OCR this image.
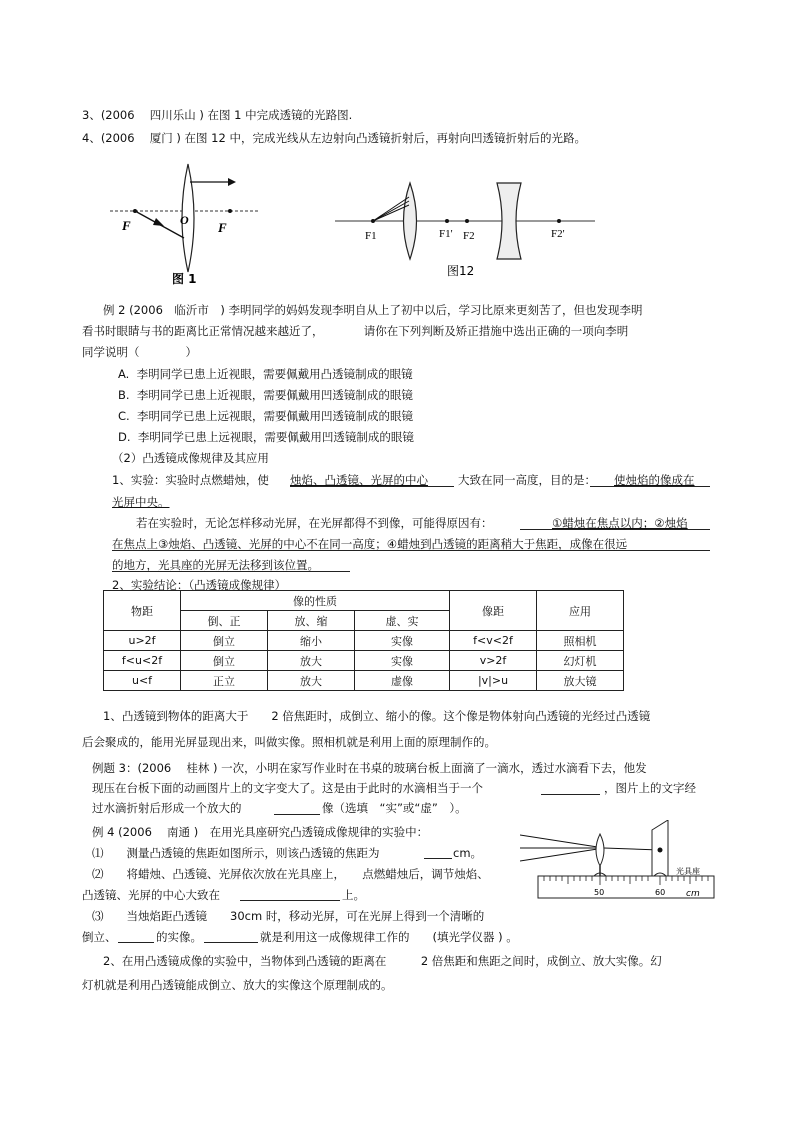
3、(2006　 四川乐山 ) 在图 1 中完成透镜的光路图.
4、(2006　 厦门 ) 在图 12 中，完成光线从左边射向凸透镜折射后，再射向凹透镜折射后的光路。
F	O F
图 1
F1	F1' F2	F2'
图12
例 2 (2006　临沂市　) 李明同学的妈妈发现李明自从上了初中以后，学习比原来更刻苦了，但也发现李明
看书时眼睛与书的距离比正常情况越来越近了，　　　　请你在下列判断及矫正措施中选出正确的一项向李明
同学说明（　　　　）
A.  李明同学已患上近视眼，需要佩戴用凸透镜制成的眼镜
B.  李明同学已患上近视眼，需要佩戴用凹透镜制成的眼镜
C.  李明同学已患上远视眼，需要佩戴用凹透镜制成的眼镜
D.  李明同学已患上远视眼，需要佩戴用凹透镜制成的眼镜
（2）凸透镜成像规律及其应用
1、实验：实验时点燃蜡烛，使 烛焰、凸透镜、光屏的中心	大致在同一高度，目的是： 使烛焰的像成在
光屏中央。
若在实验时，无论怎样移动光屏，在光屏都得不到像，可能得原因有：	①蜡烛在焦点以内；②烛焰
在焦点上③烛焰、凸透镜、光屏的中心不在同一高度；④蜡烛到凸透镜的距离稍大于焦距，成像在很远
的地方，光具座的光屏无法移到该位置。
2、实验结论：（凸透镜成像规律）
物距	像的性质			像距	应用
	倒、正	放、缩	虚、实		
u>2f	倒立	缩小	实像	f<v<2f	照相机
f<u<2f	倒立	放大	实像	v>2f	幻灯机
u<f	正立	放大	虚像	|v|>u	放大镜
1、凸透镜到物体的距离大于　　2 倍焦距时，成倒立、缩小的像。这个像是物体射向凸透镜的光经过凸透镜
后会聚成的，能用光屏显现出来，叫做实像。照相机就是利用上面的原理制作的。
例题 3：(2006　 桂林 ) 一次，小明在家写作业时在书桌的玻璃台板上面滴了一滴水，透过水滴看下去，他发
现压在台板下面的动画图片上的文字变大了。这是由于此时的水滴相当于一个	，图片上的文字经
过水滴折射后形成一个放大的	像（选填　“实”或“虚”　）。
例 4 (2006　 南通 )　在用光具座研究凸透镜成像规律的实验中：
⑴　　测量凸透镜的焦距如图所示，则该凸透镜的焦距为	cm。
⑵　　将蜡烛、凸透镜、光屏依次放在光具座上，　　点燃蜡烛后，调节烛焰、
凸透镜、光屏的中心大致在	上。
⑶　　当烛焰距凸透镜　　30cm 时，移动光屏，可在光屏上得到一个清晰的
倒立、	的实像。	就是利用这一成像规律工作的　　(填光学仪器 ) 。
50	60 cm
光具座
2、在用凸透镜成像的实验中，当物体到凸透镜的距离在　　　2 倍焦距和焦距之间时，成倒立、放大实像。幻
灯机就是利用凸透镜能成倒立、放大的实像这个原理制成的。
